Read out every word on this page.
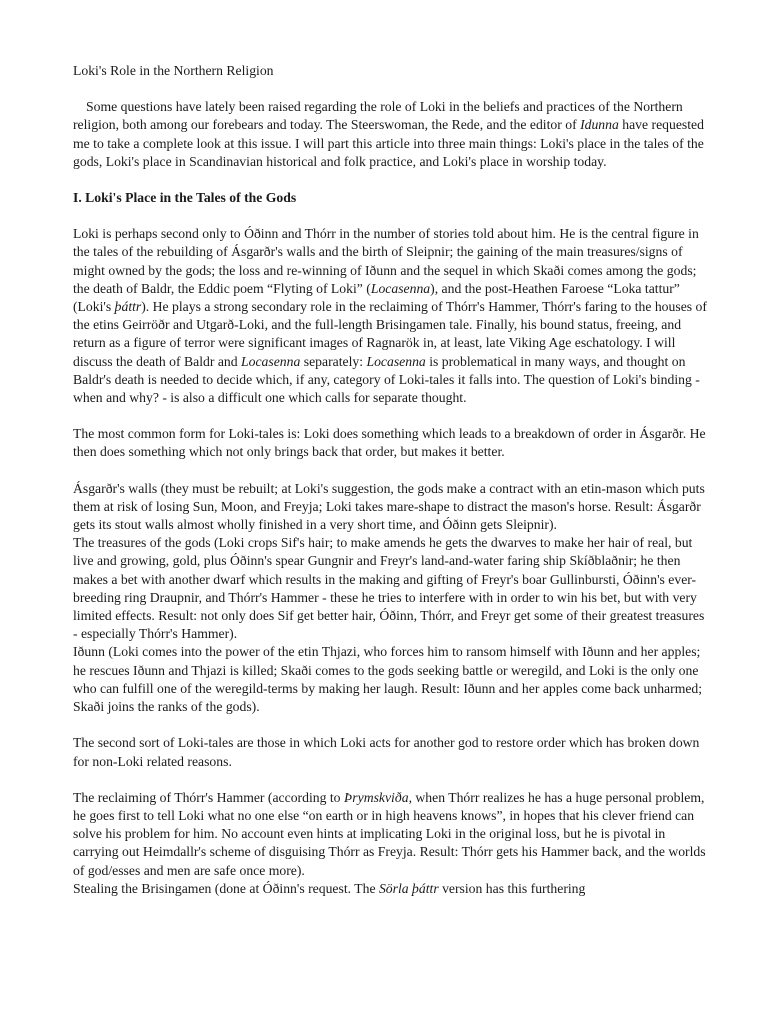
Loki's Role in the Northern Religion

Some questions have lately been raised regarding the role of Loki in the beliefs and practices of the Northern religion, both among our forebears and today. The Steerswoman, the Rede, and the editor of Idunna have requested me to take a complete look at this issue. I will part this article into three main things: Loki's place in the tales of the gods, Loki's place in Scandinavian historical and folk practice, and Loki's place in worship today.

I. Loki's Place in the Tales of the Gods

Loki is perhaps second only to Óðinn and Thórr in the number of stories told about him. He is the central figure in the tales of the rebuilding of Ásgarðr's walls and the birth of Sleipnir; the gaining of the main treasures/signs of might owned by the gods; the loss and re-winning of Iðunn and the sequel in which Skaði comes among the gods; the death of Baldr, the Eddic poem “Flyting of Loki” (Locasenna), and the post-Heathen Faroese “Loka tattur” (Loki's þáttr). He plays a strong secondary role in the reclaiming of Thórr's Hammer, Thórr's faring to the houses of the etins Geirröðr and Utgarð-Loki, and the full-length Brisingamen tale. Finally, his bound status, freeing, and return as a figure of terror were significant images of Ragnarök in, at least, late Viking Age eschatology. I will discuss the death of Baldr and Locasenna separately: Locasenna is problematical in many ways, and thought on Baldr's death is needed to decide which, if any, category of Loki-tales it falls into. The question of Loki's binding - when and why? - is also a difficult one which calls for separate thought.

The most common form for Loki-tales is: Loki does something which leads to a breakdown of order in Ásgarðr. He then does something which not only brings back that order, but makes it better.

Ásgarðr's walls (they must be rebuilt; at Loki's suggestion, the gods make a contract with an etin-mason which puts them at risk of losing Sun, Moon, and Freyja; Loki takes mare-shape to distract the mason's horse. Result: Ásgarðr gets its stout walls almost wholly finished in a very short time, and Óðinn gets Sleipnir).

The treasures of the gods (Loki crops Sif's hair; to make amends he gets the dwarves to make her hair of real, but live and growing, gold, plus Óðinn's spear Gungnir and Freyr's land-and-water faring ship Skíðblaðnir; he then makes a bet with another dwarf which results in the making and gifting of Freyr's boar Gullinbursti, Óðinn's ever-breeding ring Draupnir, and Thórr's Hammer - these he tries to interfere with in order to win his bet, but with very limited effects. Result: not only does Sif get better hair, Óðinn, Thórr, and Freyr get some of their greatest treasures - especially Thórr's Hammer).

Iðunn (Loki comes into the power of the etin Thjazi, who forces him to ransom himself with Iðunn and her apples; he rescues Iðunn and Thjazi is killed; Skaði comes to the gods seeking battle or weregild, and Loki is the only one who can fulfill one of the weregild-terms by making her laugh. Result: Iðunn and her apples come back unharmed; Skaði joins the ranks of the gods).

The second sort of Loki-tales are those in which Loki acts for another god to restore order which has broken down for non-Loki related reasons.

The reclaiming of Thórr's Hammer (according to Þrymskviða, when Thórr realizes he has a huge personal problem, he goes first to tell Loki what no one else “on earth or in high heavens knows”, in hopes that his clever friend can solve his problem for him. No account even hints at implicating Loki in the original loss, but he is pivotal in carrying out Heimdallr's scheme of disguising Thórr as Freyja. Result: Thórr gets his Hammer back, and the worlds of god/esses and men are safe once more).

Stealing the Brisingamen (done at Óðinn's request. The Sörla þáttr version has this furthering
